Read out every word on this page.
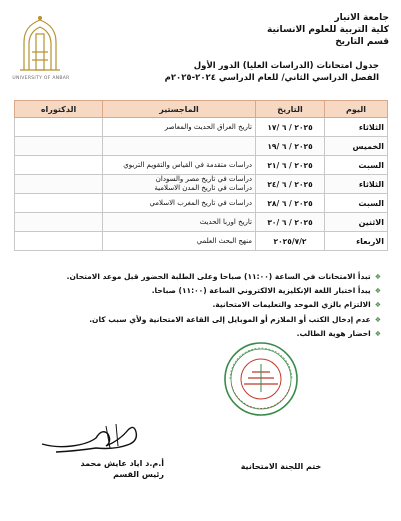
UNIVERSITY OF ANBAR
جامعة الانبار
كلية التربية للعلوم الانسانية
قسم التاريخ
جدول امتحانات (الدراسات العليا) الدور الأول
الفصل الدراسي الثاني/ للعام الدراسي ٢٠٢٤-٢٠٢٥م
اليوم	التاريخ	الماجستير	الدكتوراه
الثلاثاء	٢٠٢٥ / ٦ /١٧	تاريخ العراق الحديث والمعاصر	

الخميس	٢٠٢٥ / ٦ /١٩	

السبت	٢٠٢٥ / ٦ /٢١	دراسات متقدمة في القياس والتقويم التربوي	

الثلاثاء	٢٠٢٥ / ٦ /٢٤	دراسات في تاريخ مصر والسودان
دراسات في تاريخ المدن الاسلامية	

السبت	٢٠٢٥ / ٦ /٢٨	دراسات في تاريخ المغرب الاسلامي	

الاثنين	٢٠٢٥ / ٦ /٣٠	تاريخ اوربا الحديث	

الاربعاء	٢٠٢٥/٧/٢	منهج البحث العلمي	

❖
تبدأ الامتحانات في الساعة (١١:٠٠) صباحا وعلى الطلبة الحضور قبل موعد الامتحان.
❖
يبدأ اختبار اللغة الإنكليزية الالكتروني الساعة (١١:٠٠) صباحا.
❖
الالتزام بالزي الموحد والتعليمات الامتحانية.
❖
عدم إدخال الكتب أو الملازم أو الموبايل إلى القاعة الامتحانية ولأي سبب كان.
❖
احضار هوية الطالب.
أ.م.د اياد عايش محمد
رئيس القسم
ختم اللجنة الامتحانية
